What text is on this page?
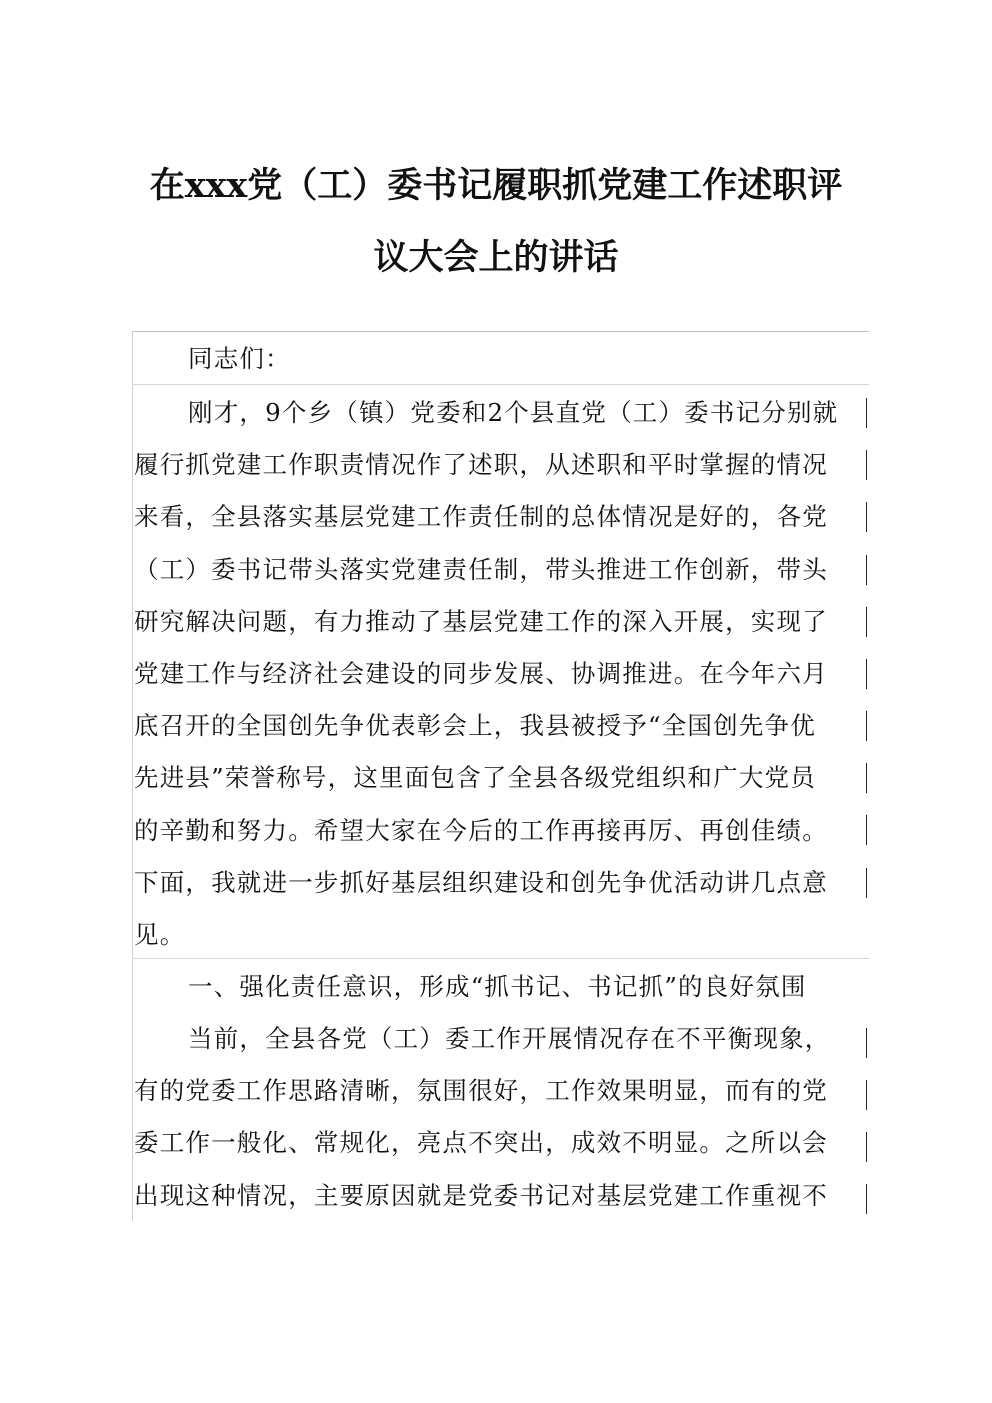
在xxx党（工）委书记履职抓党建工作述职评
议大会上的讲话
同志们：
刚才，9个乡（镇）党委和2个县直党（工）委书记分别就
履行抓党建工作职责情况作了述职，从述职和平时掌握的情况
来看，全县落实基层党建工作责任制的总体情况是好的，各党
（工）委书记带头落实党建责任制，带头推进工作创新，带头
研究解决问题，有力推动了基层党建工作的深入开展，实现了
党建工作与经济社会建设的同步发展、协调推进。在今年六月
底召开的全国创先争优表彰会上，我县被授予“全国创先争优
先进县”荣誉称号，这里面包含了全县各级党组织和广大党员
的辛勤和努力。希望大家在今后的工作再接再厉、再创佳绩。
下面，我就进一步抓好基层组织建设和创先争优活动讲几点意
见。
一、强化责任意识，形成“抓书记、书记抓”的良好氛围
当前，全县各党（工）委工作开展情况存在不平衡现象，
有的党委工作思路清晰，氛围很好，工作效果明显，而有的党
委工作一般化、常规化，亮点不突出，成效不明显。之所以会
出现这种情况，主要原因就是党委书记对基层党建工作重视不
